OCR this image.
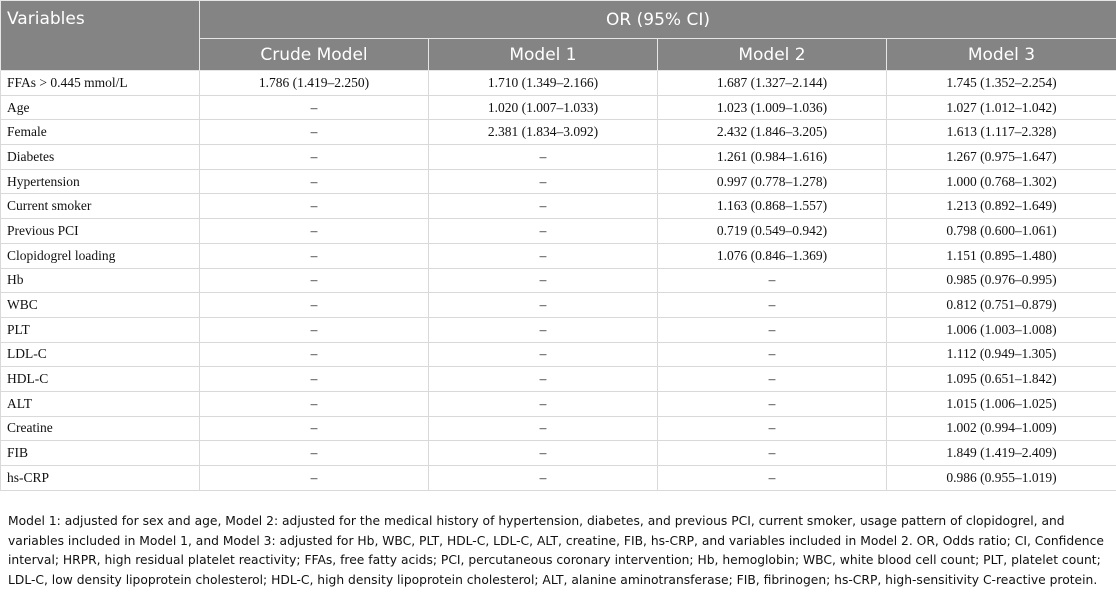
Variables	OR (95% CI)			
	Crude Model	Model 1	Model 2	Model 3
FFAs > 0.445 mmol/L	1.786 (1.419–2.250)	1.710 (1.349–2.166)	1.687 (1.327–2.144)	1.745 (1.352–2.254)
Age	–	1.020 (1.007–1.033)	1.023 (1.009–1.036)	1.027 (1.012–1.042)
Female	–	2.381 (1.834–3.092)	2.432 (1.846–3.205)	1.613 (1.117–2.328)
Diabetes	–	–	1.261 (0.984–1.616)	1.267 (0.975–1.647)
Hypertension	–	–	0.997 (0.778–1.278)	1.000 (0.768–1.302)
Current smoker	–	–	1.163 (0.868–1.557)	1.213 (0.892–1.649)
Previous PCI	–	–	0.719 (0.549–0.942)	0.798 (0.600–1.061)
Clopidogrel loading	–	–	1.076 (0.846–1.369)	1.151 (0.895–1.480)
Hb	–	–	–	0.985 (0.976–0.995)
WBC	–	–	–	0.812 (0.751–0.879)
PLT	–	–	–	1.006 (1.003–1.008)
LDL-C	–	–	–	1.112 (0.949–1.305)
HDL-C	–	–	–	1.095 (0.651–1.842)
ALT	–	–	–	1.015 (1.006–1.025)
Creatine	–	–	–	1.002 (0.994–1.009)
FIB	–	–	–	1.849 (1.419–2.409)
hs-CRP	–	–	–	0.986 (0.955–1.019)

Model 1: adjusted for sex and age, Model 2: adjusted for the medical history of hypertension, diabetes, and previous PCI, current smoker, usage pattern of clopidogrel, and variables included in Model 1, and Model 3: adjusted for Hb, WBC, PLT, HDL-C, LDL-C, ALT, creatine, FIB, hs-CRP, and variables included in Model 2. OR, Odds ratio; CI, Confidence interval; HRPR, high residual platelet reactivity; FFAs, free fatty acids; PCI, percutaneous coronary intervention; Hb, hemoglobin; WBC, white blood cell count; PLT, platelet count; LDL-C, low density lipoprotein cholesterol; HDL-C, high density lipoprotein cholesterol; ALT, alanine aminotransferase; FIB, fibrinogen; hs-CRP, high-sensitivity C-reactive protein.
